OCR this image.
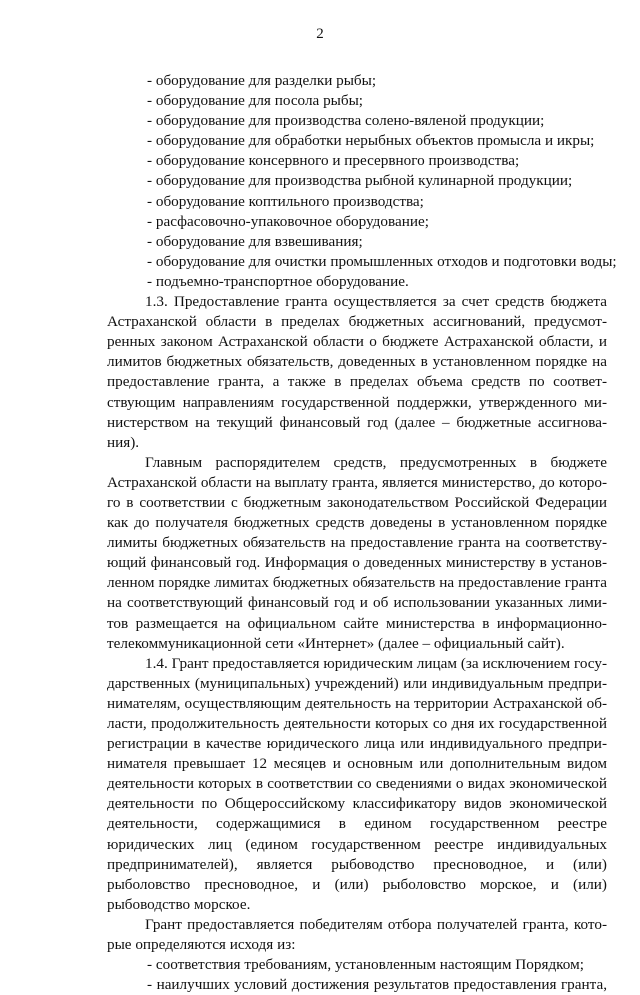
2
- оборудование для разделки рыбы;
- оборудование для посола рыбы;
- оборудование для производства солено-вяленой продукции;
- оборудование для обработки нерыбных объектов промысла и икры;
- оборудование консервного и пресервного производства;
- оборудование для производства рыбной кулинарной продукции;
- оборудование коптильного производства;
- расфасовочно-упаковочное оборудование;
- оборудование для взвешивания;
- оборудование для очистки промышленных отходов и подготовки воды;
- подъемно-транспортное оборудование.

1.3. Предоставление гранта осуществляется за счет средств бюджета Астраханской области в пределах бюджетных ассигнований, предусмотренных законом Астраханской области о бюджете Астраханской области, и лимитов бюджетных обязательств, доведенных в установленном порядке на предоставление гранта, а также в пределах объема средств по соответствующим направлениям государственной поддержки, утвержденного министерством на текущий финансовый год (далее – бюджетные ассигнования).

Главным распорядителем средств, предусмотренных в бюджете Астраханской области на выплату гранта, является министерство, до которого в соответствии с бюджетным законодательством Российской Федерации как до получателя бюджетных средств доведены в установленном порядке лимиты бюджетных обязательств на предоставление гранта на соответствующий финансовый год. Информация о доведенных министерству в установленном порядке лимитах бюджетных обязательств на предоставление гранта на соответствующий финансовый год и об использовании указанных лимитов размещается на официальном сайте министерства в информационно-телекоммуникационной сети «Интернет» (далее – официальный сайт).

1.4. Грант предоставляется юридическим лицам (за исключением государственных (муниципальных) учреждений) или индивидуальным предпринимателям, осуществляющим деятельность на территории Астраханской области, продолжительность деятельности которых со дня их государственной регистрации в качестве юридического лица или индивидуального предпринимателя превышает 12 месяцев и основным или дополнительным видом деятельности которых в соответствии со сведениями о видах экономической деятельности по Общероссийскому классификатору видов экономической деятельности, содержащимися в едином государственном реестре юридических лиц (едином государственном реестре индивидуальных предпринимателей), является рыбоводство пресноводное, и (или) рыболовство пресноводное, и (или) рыболовство морское, и (или) рыбоводство морское.

Грант предоставляется победителям отбора получателей гранта, которые определяются исходя из:

- соответствия требованиям, установленным настоящим Порядком;
- наилучших условий достижения результатов предоставления гранта,
